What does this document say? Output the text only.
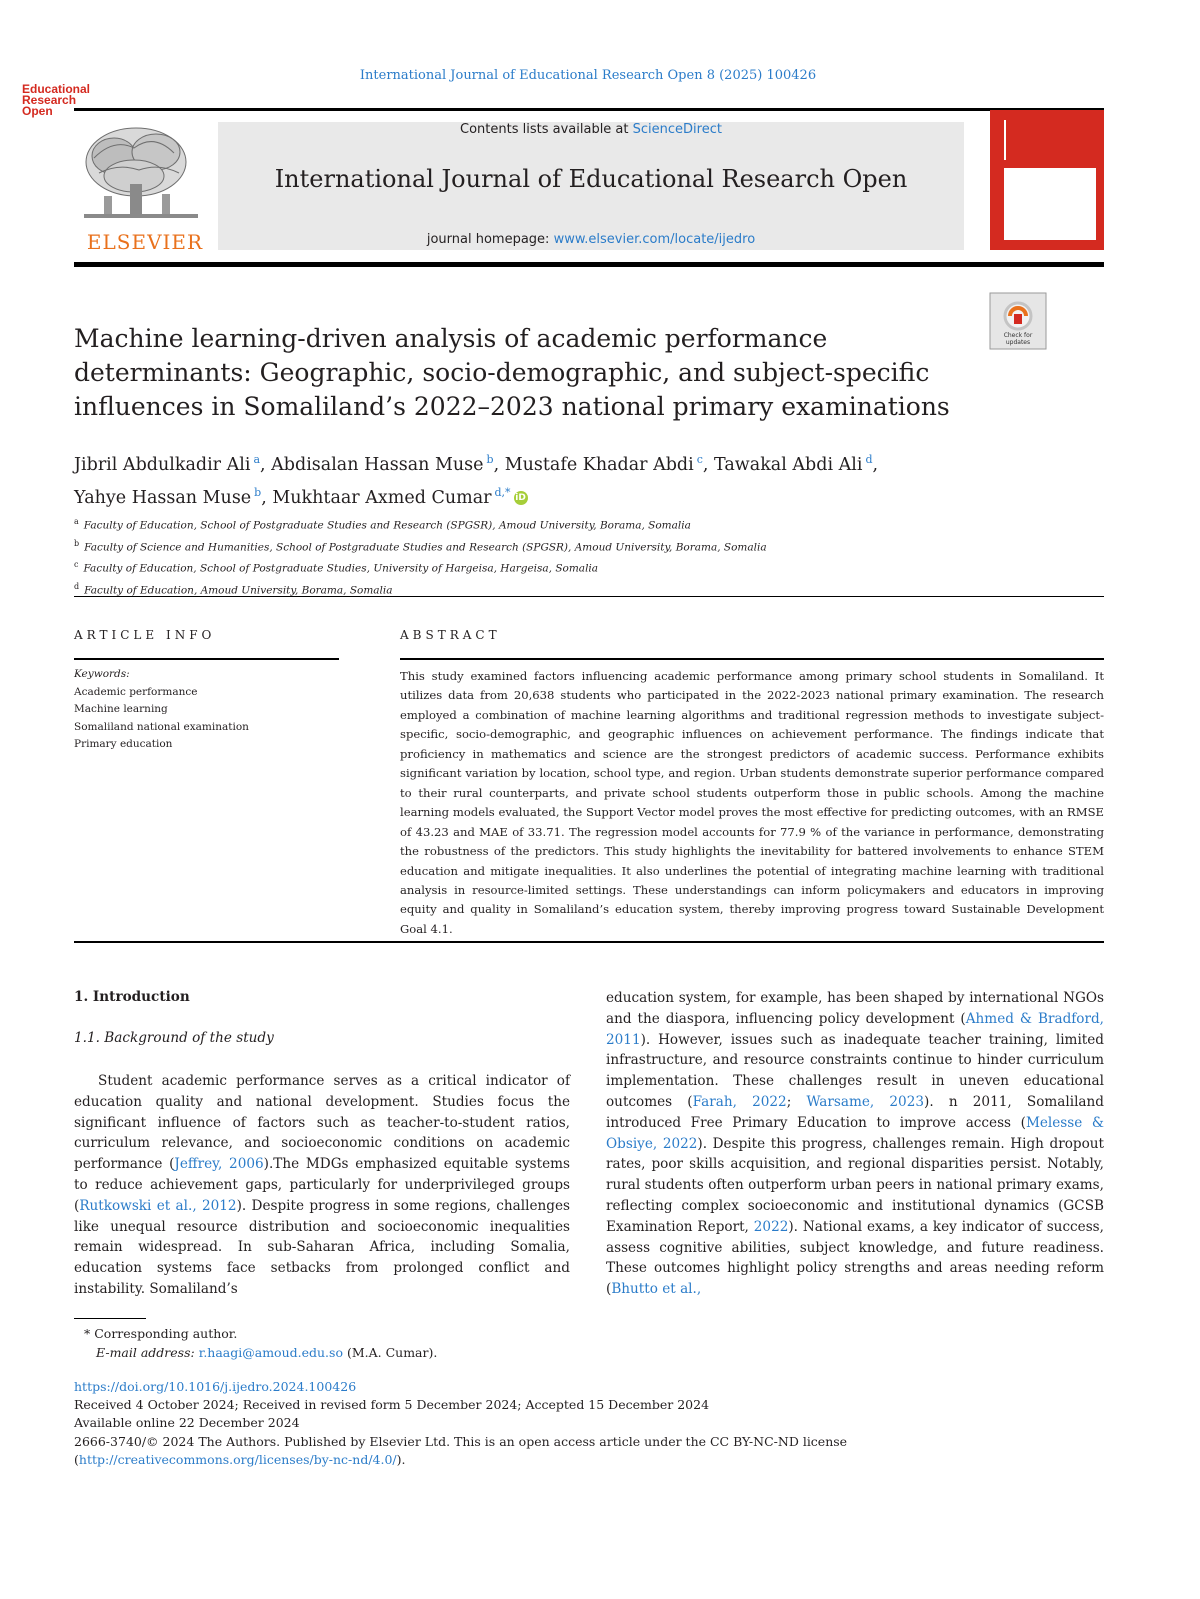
International Journal of Educational Research Open 8 (2025) 100426
ELSEVIER
Contents lists available at ScienceDirect
International Journal of Educational Research Open
journal homepage: www.elsevier.com/locate/ijedro
Educational Research Open
Check for updates
Machine learning-driven analysis of academic performance determinants: Geographic, socio-demographic, and subject-specific influences in Somaliland’s 2022–2023 national primary examinations
Jibril Abdulkadir Ali $^a$, Abdisalan Hassan Muse $^b$, Mustafe Khadar Abdi $^c$, Tawakal Abdi Ali $^d$,
Yahye Hassan Muse $^b$, Mukhtaar Axmed Cumar $^{d,*}$ iD
$^a$ Faculty of Education, School of Postgraduate Studies and Research (SPGSR), Amoud University, Borama, Somalia
$^b$ Faculty of Science and Humanities, School of Postgraduate Studies and Research (SPGSR), Amoud University, Borama, Somalia
$^c$ Faculty of Education, School of Postgraduate Studies, University of Hargeisa, Hargeisa, Somalia
$^d$ Faculty of Education, Amoud University, Borama, Somalia
ARTICLE INFO	ABSTRACT
Keywords:
Academic performance
Machine learning
Somaliland national examination
Primary education
This study examined factors influencing academic performance among primary school students in Somaliland. It utilizes data from 20,638 students who participated in the 2022-2023 national primary examination. The research employed a combination of machine learning algorithms and traditional regression methods to investigate subject-specific, socio-demographic, and geographic influences on achievement performance. The findings indicate that proficiency in mathematics and science are the strongest predictors of academic success. Performance exhibits significant variation by location, school type, and region. Urban students demonstrate superior performance compared to their rural counterparts, and private school students outperform those in public schools. Among the machine learning models evaluated, the Support Vector model proves the most effective for predicting outcomes, with an RMSE of 43.23 and MAE of 33.71. The regression model accounts for 77.9 % of the variance in performance, demonstrating the robustness of the predictors. This study highlights the inevitability for battered involvements to enhance STEM education and mitigate inequalities. It also underlines the potential of integrating machine learning with traditional analysis in resource-limited settings. These understandings can inform policymakers and educators in improving equity and quality in Somaliland’s education system, thereby improving progress toward Sustainable Development Goal 4.1.
1. Introduction
1.1. Background of the study
Student academic performance serves as a critical indicator of education quality and national development. Studies focus the significant influence of factors such as teacher-to-student ratios, curriculum relevance, and socioeconomic conditions on academic performance (Jeffrey, 2006).The MDGs emphasized equitable systems to reduce achievement gaps, particularly for underprivileged groups (Rutkowski et al., 2012). Despite progress in some regions, challenges like unequal resource distribution and socioeconomic inequalities remain widespread. In sub-Saharan Africa, including Somalia, education systems face setbacks from prolonged conflict and instability. Somaliland’s
education system, for example, has been shaped by international NGOs and the diaspora, influencing policy development (Ahmed & Bradford, 2011). However, issues such as inadequate teacher training, limited infrastructure, and resource constraints continue to hinder curriculum implementation. These challenges result in uneven educational outcomes (Farah, 2022; Warsame, 2023). n 2011, Somaliland introduced Free Primary Education to improve access (Melesse & Obsiye, 2022). Despite this progress, challenges remain. High dropout rates, poor skills acquisition, and regional disparities persist. Notably, rural students often outperform urban peers in national primary exams, reflecting complex socioeconomic and institutional dynamics (GCSB Examination Report, 2022). National exams, a key indicator of success, assess cognitive abilities, subject knowledge, and future readiness. These outcomes highlight policy strengths and areas needing reform (Bhutto et al.,
* Corresponding author.
E-mail address: r.haagi@amoud.edu.so (M.A. Cumar).
https://doi.org/10.1016/j.ijedro.2024.100426
Received 4 October 2024; Received in revised form 5 December 2024; Accepted 15 December 2024
Available online 22 December 2024
2666-3740/© 2024 The Authors. Published by Elsevier Ltd. This is an open access article under the CC BY-NC-ND license (http://creativecommons.org/licenses/by-nc-nd/4.0/).
